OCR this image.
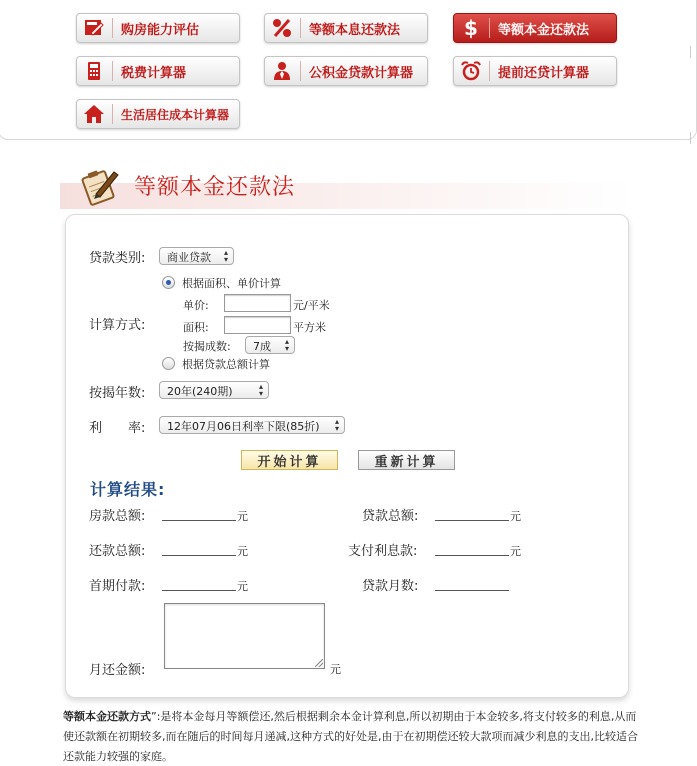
购房能力评估	等额本息还款法	$ 等额本金还款法
税费计算器	公积金贷款计算器	提前还贷计算器
生活居住成本计算器
等额本金还款法
贷款类别:	商业贷款 ▴
▾
根据面积、单价计算
计算方式:
单价:	元/平米
面积:	平方米
按揭成数:	7成 ▴
▾
根据贷款总额计算
按揭年数:	20年(240期)	▴
▾
利　　率:	12年07月06日利率下限(85折) ▴
▾
开始计算	重新计算
计算结果:
房款总额:	元	贷款总额:	元
还款总额:	元	支付利息款:	元
首期付款:	元	贷款月数:
月还金额:	元
等额本金还款方式”:是将本金每月等额偿还,然后根据剩余本金计算利息,所以初期由于本金较多,将支付较多的利息,从而使还款额在初期较多,而在随后的时间每月递减,这种方式的好处是,由于在初期偿还较大款项而减少利息的支出,比较适合还款能力较强的家庭。
